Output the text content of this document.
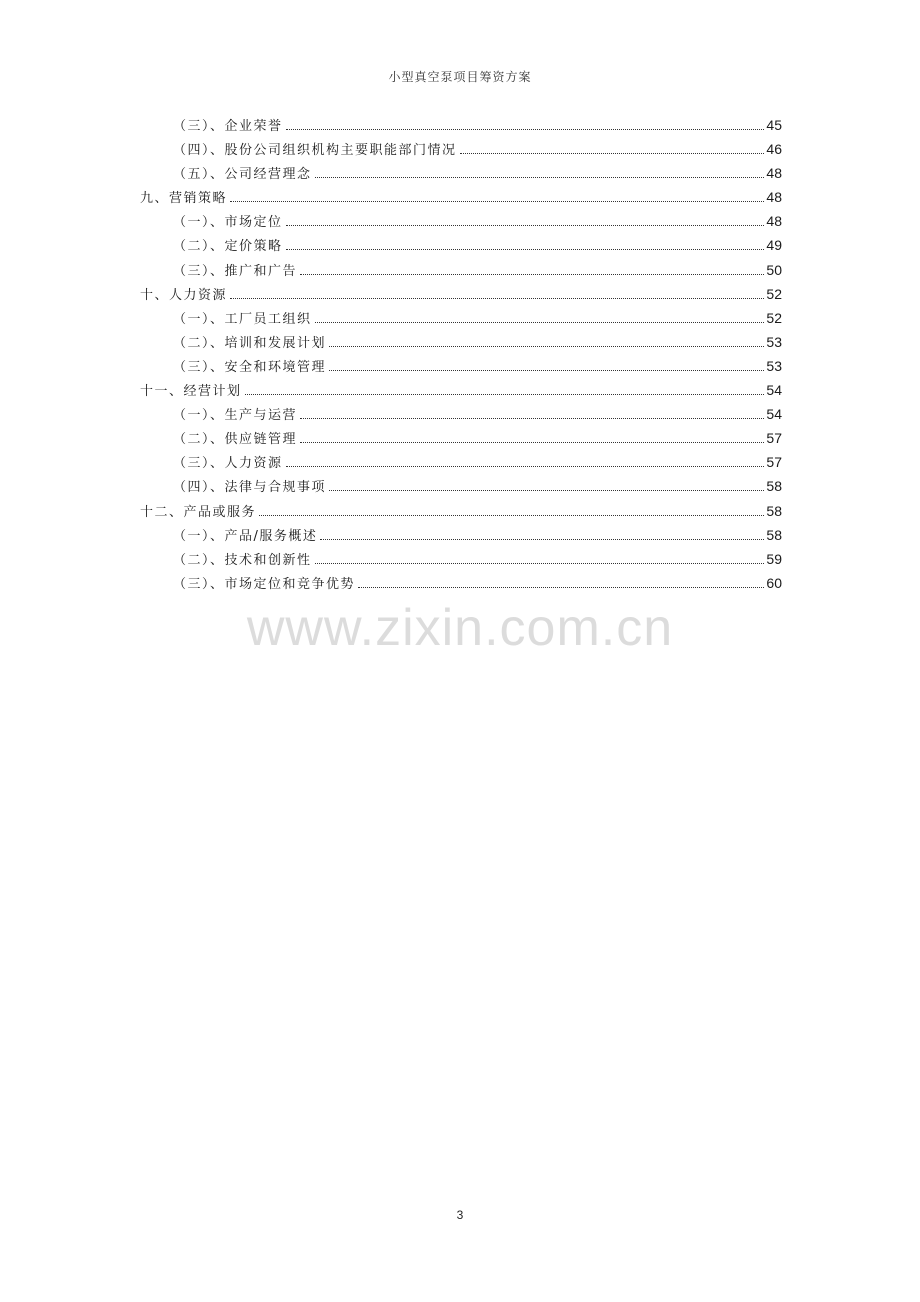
小型真空泵项目筹资方案
（三）、企业荣誉	45
（四）、股份公司组织机构主要职能部门情况	46
（五）、公司经营理念	48
九、营销策略	48
（一）、市场定位	48
（二）、定价策略	49
（三）、推广和广告	50
十、人力资源	52
（一）、工厂员工组织	52
（二）、培训和发展计划	53
（三）、安全和环境管理	53
十一、经营计划	54
（一）、生产与运营	54
（二）、供应链管理	57
（三）、人力资源	57
（四）、法律与合规事项	58
十二、产品或服务	58
（一）、产品/服务概述	58
（二）、技术和创新性	59
（三）、市场定位和竞争优势	60
www.zixin.com.cn
3
